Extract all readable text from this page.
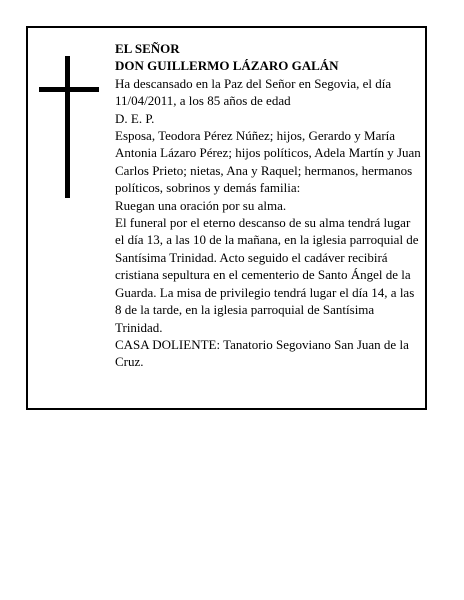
EL SEÑOR

DON GUILLERMO LÁZARO GALÁN

Ha descansado en la Paz del Señor en Segovia, el día 11/04/2011, a los 85 años de edad

D. E. P.

Esposa, Teodora Pérez Núñez; hijos, Gerardo y María Antonia Lázaro Pérez; hijos políticos, Adela Martín y Juan Carlos Prieto; nietas, Ana y Raquel; hermanos, hermanos políticos, sobrinos y demás familia:

Ruegan una oración por su alma.

El funeral por el eterno descanso de su alma tendrá lugar el día 13, a las 10 de la mañana, en la iglesia parroquial de Santísima Trinidad. Acto seguido el cadáver recibirá cristiana sepultura en el cementerio de Santo Ángel de la Guarda. La misa de privilegio tendrá lugar el día 14, a las 8 de la tarde, en la iglesia parroquial de Santísima Trinidad.

CASA DOLIENTE: Tanatorio Segoviano San Juan de la Cruz.
